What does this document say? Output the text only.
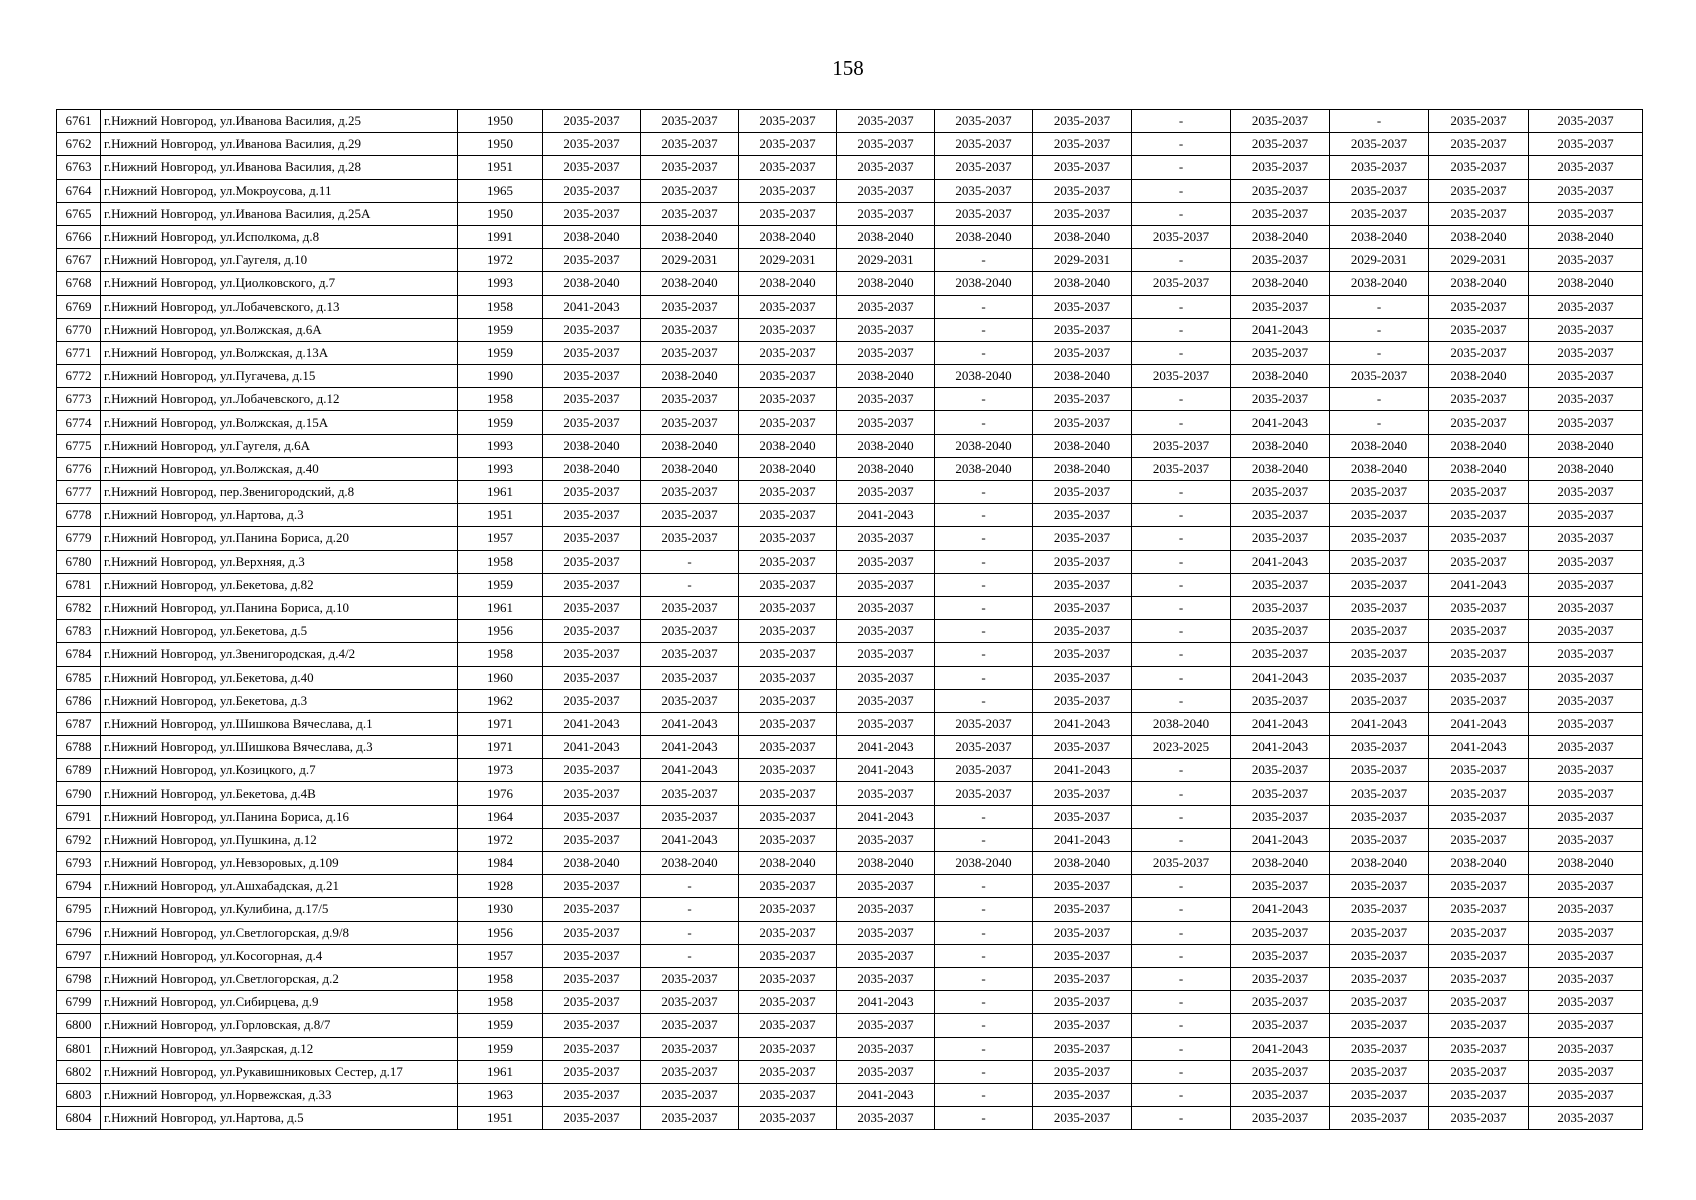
158
6761	г.Нижний Новгород, ул.Иванова Василия, д.25	1950	2035-2037	2035-2037	2035-2037	2035-2037	2035-2037	2035-2037	-	2035-2037	-	2035-2037	2035-2037
6762	г.Нижний Новгород, ул.Иванова Василия, д.29	1950	2035-2037	2035-2037	2035-2037	2035-2037	2035-2037	2035-2037	-	2035-2037	2035-2037	2035-2037	2035-2037
6763	г.Нижний Новгород, ул.Иванова Василия, д.28	1951	2035-2037	2035-2037	2035-2037	2035-2037	2035-2037	2035-2037	-	2035-2037	2035-2037	2035-2037	2035-2037
6764	г.Нижний Новгород, ул.Мокроусова, д.11	1965	2035-2037	2035-2037	2035-2037	2035-2037	2035-2037	2035-2037	-	2035-2037	2035-2037	2035-2037	2035-2037
6765	г.Нижний Новгород, ул.Иванова Василия, д.25А	1950	2035-2037	2035-2037	2035-2037	2035-2037	2035-2037	2035-2037	-	2035-2037	2035-2037	2035-2037	2035-2037
6766	г.Нижний Новгород, ул.Исполкома, д.8	1991	2038-2040	2038-2040	2038-2040	2038-2040	2038-2040	2038-2040	2035-2037	2038-2040	2038-2040	2038-2040	2038-2040
6767	г.Нижний Новгород, ул.Гаугеля, д.10	1972	2035-2037	2029-2031	2029-2031	2029-2031	-	2029-2031	-	2035-2037	2029-2031	2029-2031	2035-2037
6768	г.Нижний Новгород, ул.Циолковского, д.7	1993	2038-2040	2038-2040	2038-2040	2038-2040	2038-2040	2038-2040	2035-2037	2038-2040	2038-2040	2038-2040	2038-2040
6769	г.Нижний Новгород, ул.Лобачевского, д.13	1958	2041-2043	2035-2037	2035-2037	2035-2037	-	2035-2037	-	2035-2037	-	2035-2037	2035-2037
6770	г.Нижний Новгород, ул.Волжская, д.6А	1959	2035-2037	2035-2037	2035-2037	2035-2037	-	2035-2037	-	2041-2043	-	2035-2037	2035-2037
6771	г.Нижний Новгород, ул.Волжская, д.13А	1959	2035-2037	2035-2037	2035-2037	2035-2037	-	2035-2037	-	2035-2037	-	2035-2037	2035-2037
6772	г.Нижний Новгород, ул.Пугачева, д.15	1990	2035-2037	2038-2040	2035-2037	2038-2040	2038-2040	2038-2040	2035-2037	2038-2040	2035-2037	2038-2040	2035-2037
6773	г.Нижний Новгород, ул.Лобачевского, д.12	1958	2035-2037	2035-2037	2035-2037	2035-2037	-	2035-2037	-	2035-2037	-	2035-2037	2035-2037
6774	г.Нижний Новгород, ул.Волжская, д.15А	1959	2035-2037	2035-2037	2035-2037	2035-2037	-	2035-2037	-	2041-2043	-	2035-2037	2035-2037
6775	г.Нижний Новгород, ул.Гаугеля, д.6А	1993	2038-2040	2038-2040	2038-2040	2038-2040	2038-2040	2038-2040	2035-2037	2038-2040	2038-2040	2038-2040	2038-2040
6776	г.Нижний Новгород, ул.Волжская, д.40	1993	2038-2040	2038-2040	2038-2040	2038-2040	2038-2040	2038-2040	2035-2037	2038-2040	2038-2040	2038-2040	2038-2040
6777	г.Нижний Новгород, пер.Звенигородский, д.8	1961	2035-2037	2035-2037	2035-2037	2035-2037	-	2035-2037	-	2035-2037	2035-2037	2035-2037	2035-2037
6778	г.Нижний Новгород, ул.Нартова, д.3	1951	2035-2037	2035-2037	2035-2037	2041-2043	-	2035-2037	-	2035-2037	2035-2037	2035-2037	2035-2037
6779	г.Нижний Новгород, ул.Панина Бориса, д.20	1957	2035-2037	2035-2037	2035-2037	2035-2037	-	2035-2037	-	2035-2037	2035-2037	2035-2037	2035-2037
6780	г.Нижний Новгород, ул.Верхняя, д.3	1958	2035-2037	-	2035-2037	2035-2037	-	2035-2037	-	2041-2043	2035-2037	2035-2037	2035-2037
6781	г.Нижний Новгород, ул.Бекетова, д.82	1959	2035-2037	-	2035-2037	2035-2037	-	2035-2037	-	2035-2037	2035-2037	2041-2043	2035-2037
6782	г.Нижний Новгород, ул.Панина Бориса, д.10	1961	2035-2037	2035-2037	2035-2037	2035-2037	-	2035-2037	-	2035-2037	2035-2037	2035-2037	2035-2037
6783	г.Нижний Новгород, ул.Бекетова, д.5	1956	2035-2037	2035-2037	2035-2037	2035-2037	-	2035-2037	-	2035-2037	2035-2037	2035-2037	2035-2037
6784	г.Нижний Новгород, ул.Звенигородская, д.4/2	1958	2035-2037	2035-2037	2035-2037	2035-2037	-	2035-2037	-	2035-2037	2035-2037	2035-2037	2035-2037
6785	г.Нижний Новгород, ул.Бекетова, д.40	1960	2035-2037	2035-2037	2035-2037	2035-2037	-	2035-2037	-	2041-2043	2035-2037	2035-2037	2035-2037
6786	г.Нижний Новгород, ул.Бекетова, д.3	1962	2035-2037	2035-2037	2035-2037	2035-2037	-	2035-2037	-	2035-2037	2035-2037	2035-2037	2035-2037
6787	г.Нижний Новгород, ул.Шишкова Вячеслава, д.1	1971	2041-2043	2041-2043	2035-2037	2035-2037	2035-2037	2041-2043	2038-2040	2041-2043	2041-2043	2041-2043	2035-2037
6788	г.Нижний Новгород, ул.Шишкова Вячеслава, д.3	1971	2041-2043	2041-2043	2035-2037	2041-2043	2035-2037	2035-2037	2023-2025	2041-2043	2035-2037	2041-2043	2035-2037
6789	г.Нижний Новгород, ул.Козицкого, д.7	1973	2035-2037	2041-2043	2035-2037	2041-2043	2035-2037	2041-2043	-	2035-2037	2035-2037	2035-2037	2035-2037
6790	г.Нижний Новгород, ул.Бекетова, д.4В	1976	2035-2037	2035-2037	2035-2037	2035-2037	2035-2037	2035-2037	-	2035-2037	2035-2037	2035-2037	2035-2037
6791	г.Нижний Новгород, ул.Панина Бориса, д.16	1964	2035-2037	2035-2037	2035-2037	2041-2043	-	2035-2037	-	2035-2037	2035-2037	2035-2037	2035-2037
6792	г.Нижний Новгород, ул.Пушкина, д.12	1972	2035-2037	2041-2043	2035-2037	2035-2037	-	2041-2043	-	2041-2043	2035-2037	2035-2037	2035-2037
6793	г.Нижний Новгород, ул.Невзоровых, д.109	1984	2038-2040	2038-2040	2038-2040	2038-2040	2038-2040	2038-2040	2035-2037	2038-2040	2038-2040	2038-2040	2038-2040
6794	г.Нижний Новгород, ул.Ашхабадская, д.21	1928	2035-2037	-	2035-2037	2035-2037	-	2035-2037	-	2035-2037	2035-2037	2035-2037	2035-2037
6795	г.Нижний Новгород, ул.Кулибина, д.17/5	1930	2035-2037	-	2035-2037	2035-2037	-	2035-2037	-	2041-2043	2035-2037	2035-2037	2035-2037
6796	г.Нижний Новгород, ул.Светлогорская, д.9/8	1956	2035-2037	-	2035-2037	2035-2037	-	2035-2037	-	2035-2037	2035-2037	2035-2037	2035-2037
6797	г.Нижний Новгород, ул.Косогорная, д.4	1957	2035-2037	-	2035-2037	2035-2037	-	2035-2037	-	2035-2037	2035-2037	2035-2037	2035-2037
6798	г.Нижний Новгород, ул.Светлогорская, д.2	1958	2035-2037	2035-2037	2035-2037	2035-2037	-	2035-2037	-	2035-2037	2035-2037	2035-2037	2035-2037
6799	г.Нижний Новгород, ул.Сибирцева, д.9	1958	2035-2037	2035-2037	2035-2037	2041-2043	-	2035-2037	-	2035-2037	2035-2037	2035-2037	2035-2037
6800	г.Нижний Новгород, ул.Горловская, д.8/7	1959	2035-2037	2035-2037	2035-2037	2035-2037	-	2035-2037	-	2035-2037	2035-2037	2035-2037	2035-2037
6801	г.Нижний Новгород, ул.Заярская, д.12	1959	2035-2037	2035-2037	2035-2037	2035-2037	-	2035-2037	-	2041-2043	2035-2037	2035-2037	2035-2037
6802	г.Нижний Новгород, ул.Рукавишниковых Сестер, д.17	1961	2035-2037	2035-2037	2035-2037	2035-2037	-	2035-2037	-	2035-2037	2035-2037	2035-2037	2035-2037
6803	г.Нижний Новгород, ул.Норвежская, д.33	1963	2035-2037	2035-2037	2035-2037	2041-2043	-	2035-2037	-	2035-2037	2035-2037	2035-2037	2035-2037
6804	г.Нижний Новгород, ул.Нартова, д.5	1951	2035-2037	2035-2037	2035-2037	2035-2037	-	2035-2037	-	2035-2037	2035-2037	2035-2037	2035-2037
